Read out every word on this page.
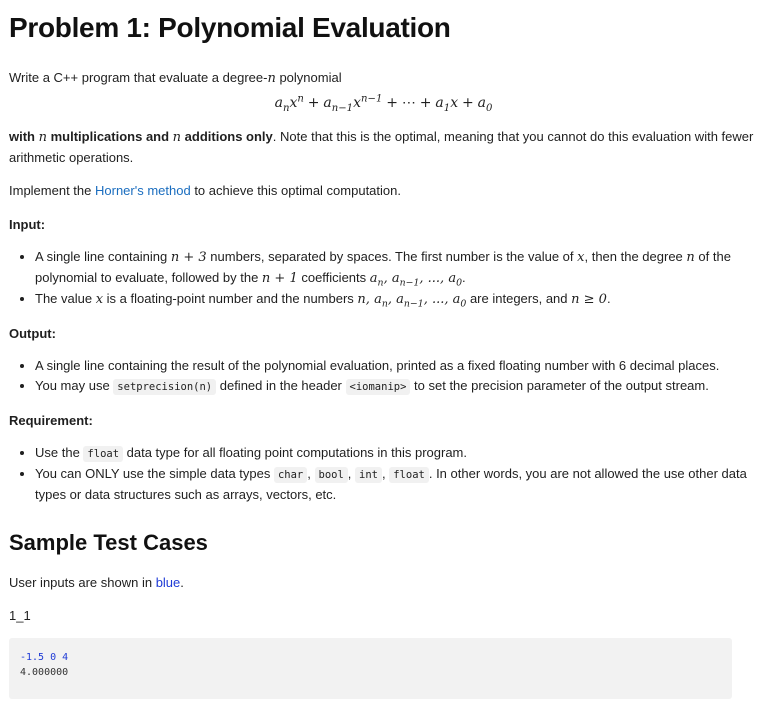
Problem 1: Polynomial Evaluation

Write a C++ program that evaluate a degree-n polynomial

$a_nx^n + a_{n-1}x^{n-1}$ + ⋯ + $a_1x + a_0$

with n multiplications and n additions only. Note that this is the optimal, meaning that you cannot do this evaluation with fewer arithmetic operations.

Implement the Horner's method to achieve this optimal computation.

Input:

• A single line containing n + 3 numbers, separated by spaces. The first number is the value of x, then the degree n of the polynomial to evaluate, followed by the n + 1 coefficients $a_n$, $a_{n-1}$, ..., $a_0$.
• The value x is a floating-point number and the numbers n, $a_n$, $a_{n-1}$, ..., $a_0$ are integers, and n ≥ 0.

Output:

• A single line containing the result of the polynomial evaluation, printed as a fixed floating number with 6 decimal places.
• You may use setprecision(n) defined in the header <iomanip> to set the precision parameter of the output stream.

Requirement:

• Use the float data type for all floating point computations in this program.
• You can ONLY use the simple data types char , bool , int , float . In other words, you are not allowed the use other data types or data structures such as arrays, vectors, etc.
Sample Test Cases

User inputs are shown in blue.

1_1

-1.5 0 4
4.000000
